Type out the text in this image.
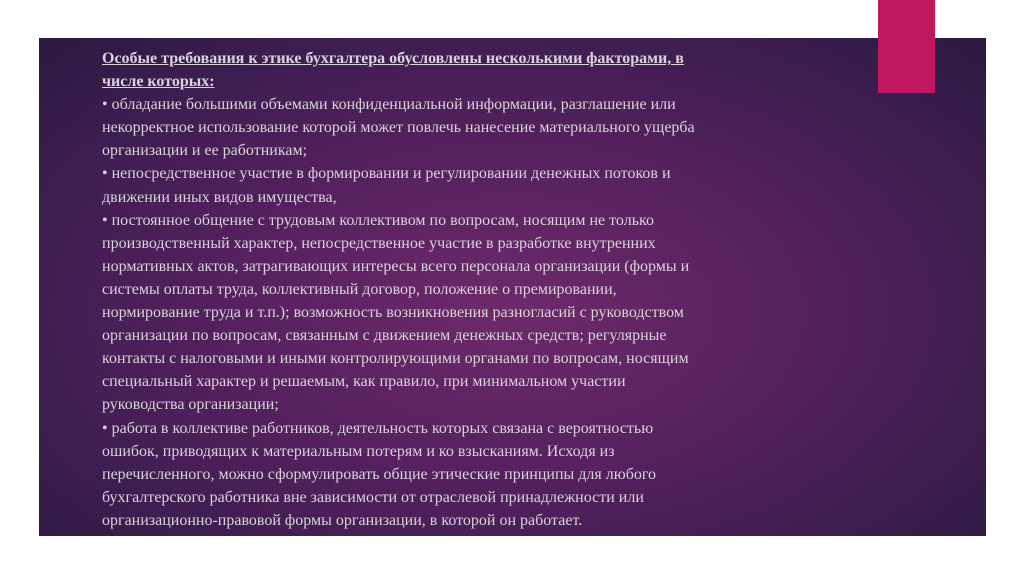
Особые требования к этике бухгалтера обусловлены несколькими факторами, в

числе которых:

• обладание большими объемами конфиденциальной информации, разглашение или

некорректное использование которой может повлечь нанесение материального ущерба

организации и ее работникам;

• непосредственное участие в формировании и регулировании денежных потоков и

движении иных видов имущества,

• постоянное общение с трудовым коллективом по вопросам, носящим не только

производственный характер, непосредственное участие в разработке внутренних

нормативных актов, затрагивающих интересы всего персонала организации (формы и

системы оплаты труда, коллективный договор, положение о премировании,

нормирование труда и т.п.); возможность возникновения разногласий с руководством

организации по вопросам, связанным с движением денежных средств; регулярные

контакты с налоговыми и иными контролирующими органами по вопросам, носящим

специальный характер и решаемым, как правило, при минимальном участии

руководства организации;

• работа в коллективе работников, деятельность которых связана с вероятностью

ошибок, приводящих к материальным потерям и ко взысканиям. Исходя из

перечисленного, можно сформулировать общие этические принципы для любого

бухгалтерского работника вне зависимости от отраслевой принадлежности или

организационно-правовой формы организации, в которой он работает.
